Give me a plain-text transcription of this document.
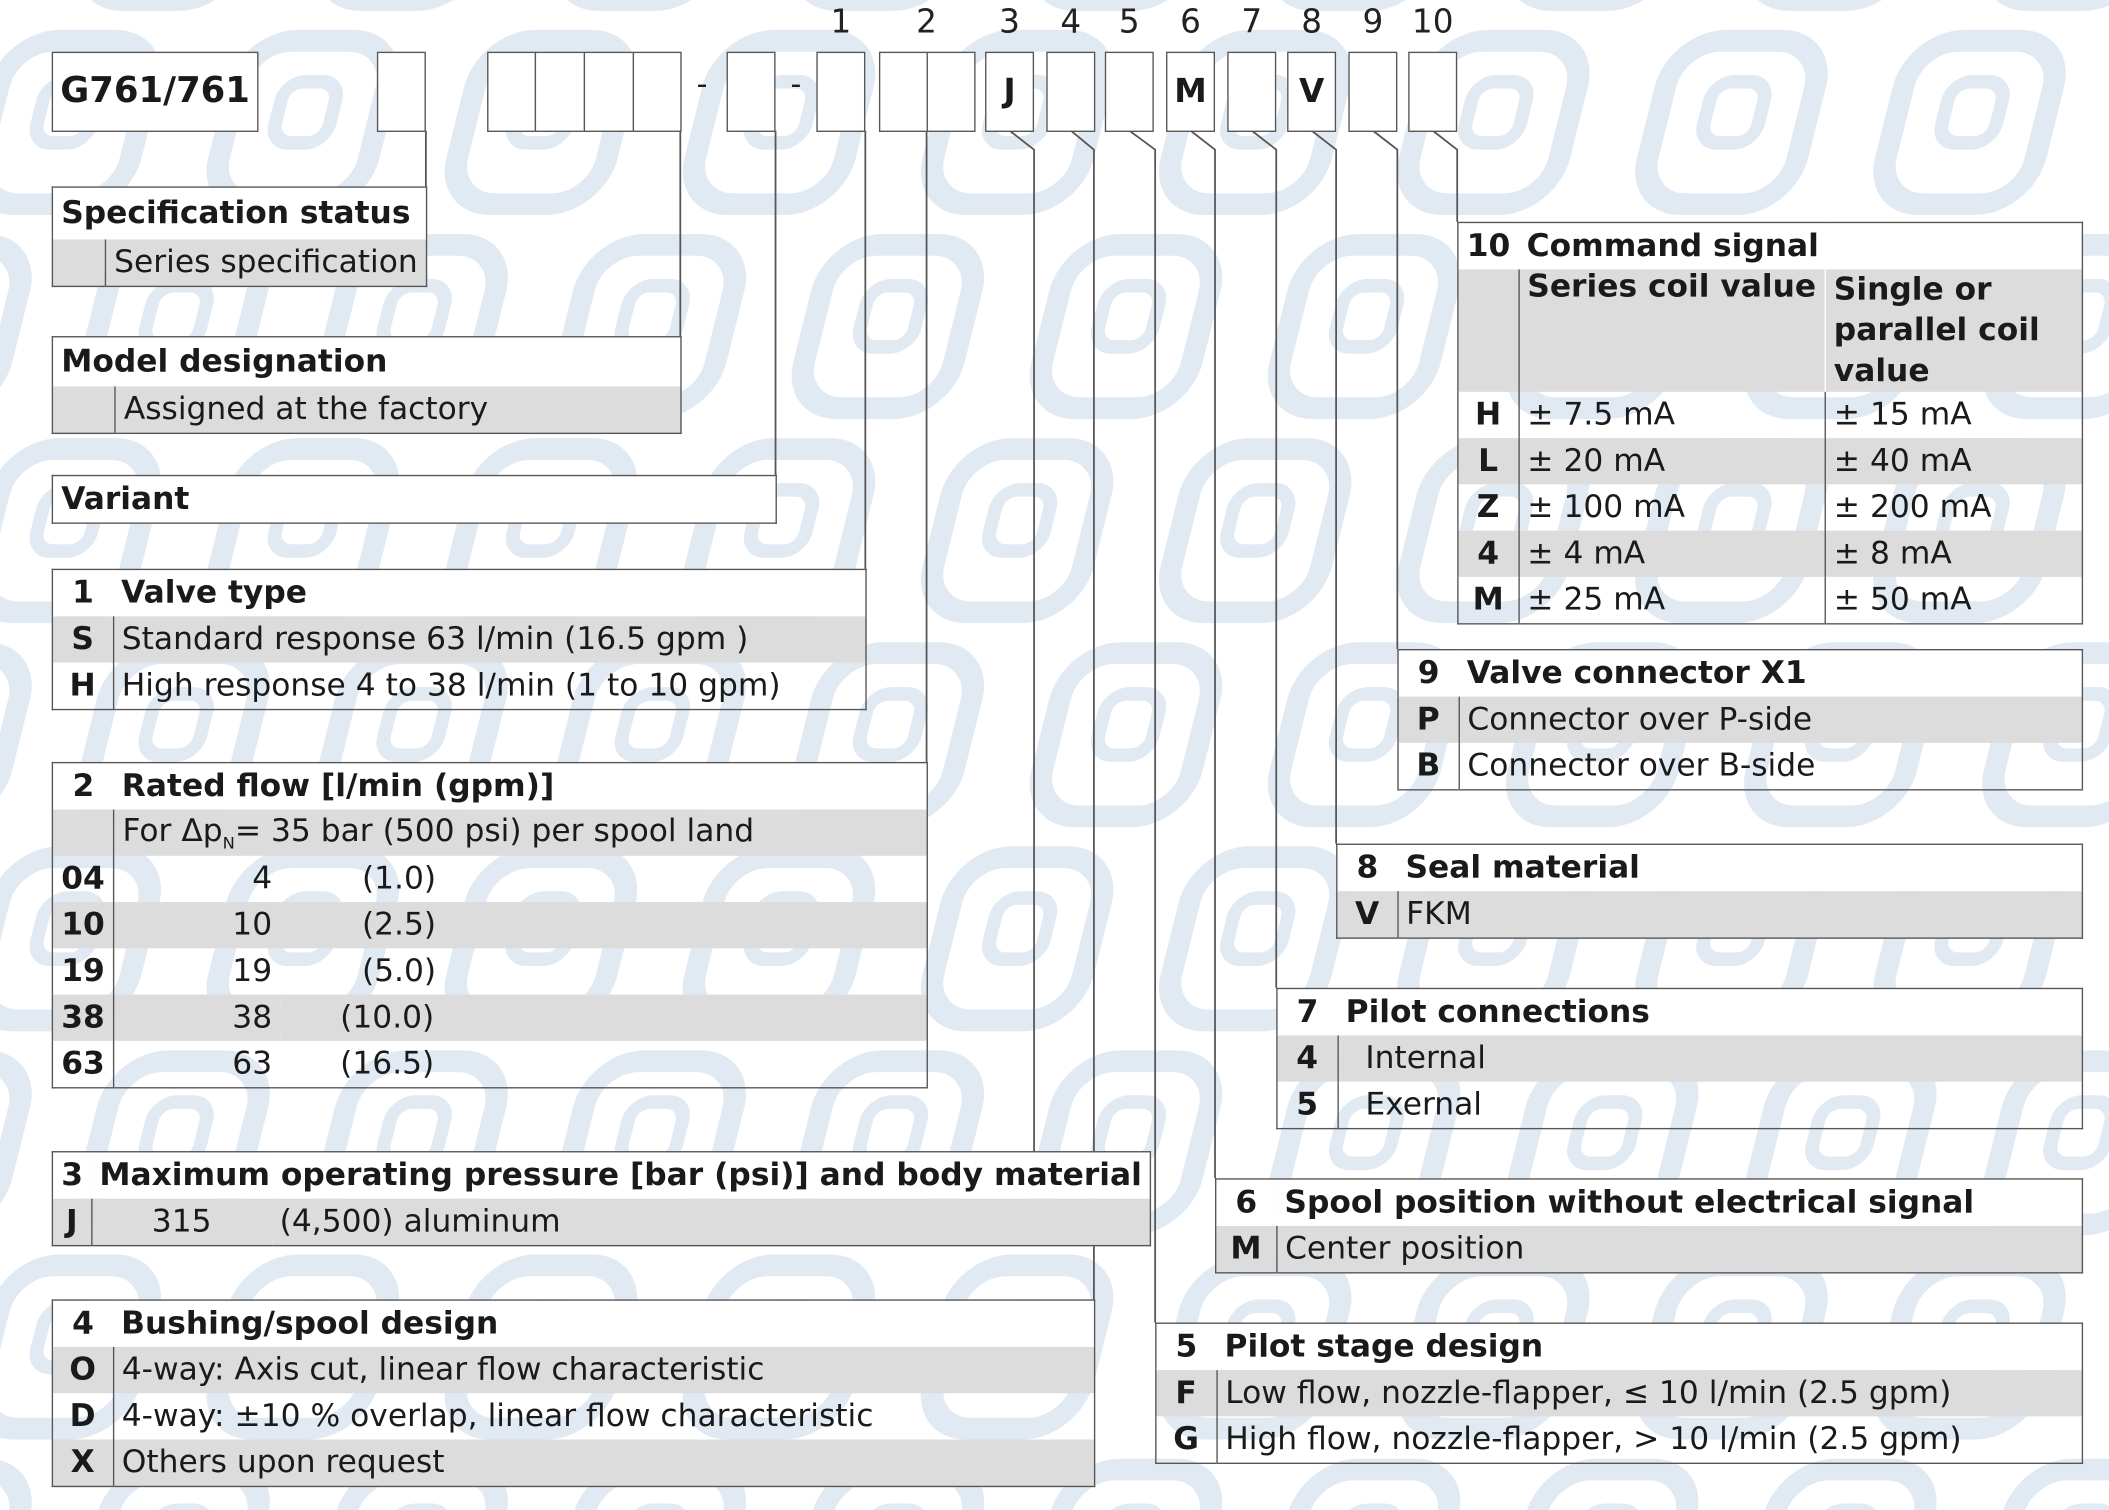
G761/761	-	-	J	M	V
1	2	3	4	5	6	7	8	9	10
Specification status
	Series specification
Model designation
	Assigned at the factory
Variant
1	Valve type
S	Standard response 63 l/min (16.5 gpm )
H	High response 4 to 38 l/min (1 to 10 gpm)
2	Rated flow [l/min (gpm)]	
	For $\Delta p_N= 35$ bar (500 psi) per spool land	
04	4	(1.0)
10	10	(2.5)
19	19	(5.0)
38	38	(10.0)
63	63	(16.5)
3	Maximum operating pressure [bar (psi)] and body material	
J	315	(4,500) aluminum
4	Bushing/spool design
O	4-way: Axis cut, linear flow characteristic
D	4-way: ±10 % overlap, linear flow characteristic
X	Others upon request
10	Command signal	
	Series coil value	Single or parallel coil value
H	± 7.5 mA	± 15 mA
L	± 20 mA	± 40 mA
Z	± 100 mA	± 200 mA
4	± 4 mA	± 8 mA
M	± 25 mA	± 50 mA
9	Valve connector X1
P	Connector over P-side
B	Connector over B-side
8	Seal material
V	FKM
7	Pilot connections
4	Internal
5	Exernal
6	Spool position without electrical signal
M	Center position
5	Pilot stage design
F	Low flow, nozzle-flapper, ≤ 10 l/min (2.5 gpm)
G	High flow, nozzle-flapper, > 10 l/min (2.5 gpm)
